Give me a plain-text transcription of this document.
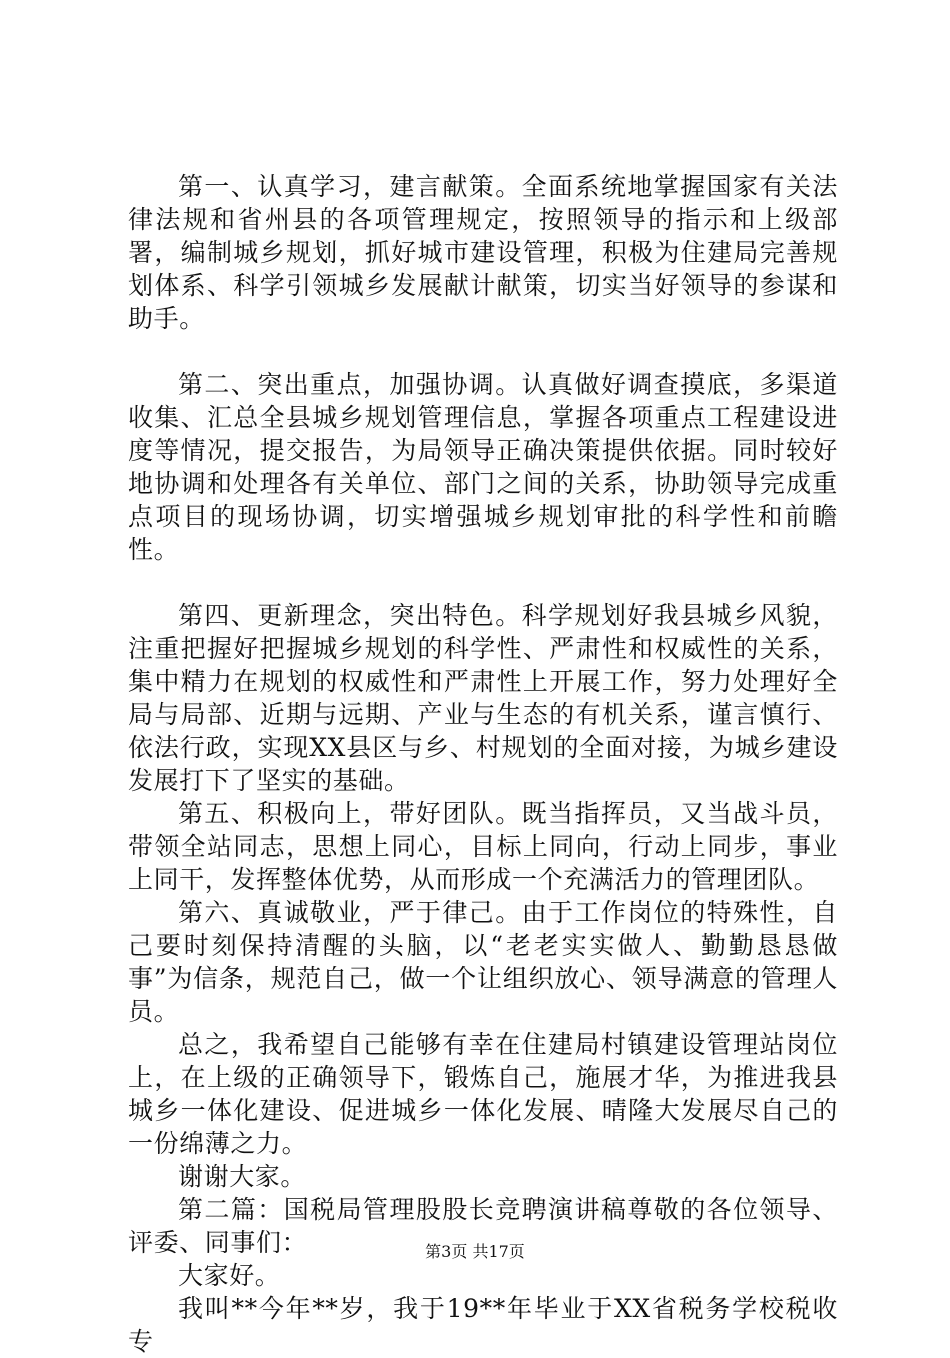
第一、认真学习，建言献策。全面系统地掌握国家有关法律法规和省州县的各项管理规定，按照领导的指示和上级部署，编制城乡规划，抓好城市建设管理，积极为住建局完善规划体系、科学引领城乡发展献计献策，切实当好领导的参谋和助手。

第二、突出重点，加强协调。认真做好调查摸底，多渠道收集、汇总全县城乡规划管理信息，掌握各项重点工程建设进度等情况，提交报告，为局领导正确决策提供依据。同时较好地协调和处理各有关单位、部门之间的关系，协助领导完成重点项目的现场协调，切实增强城乡规划审批的科学性和前瞻性。

第四、更新理念，突出特色。科学规划好我县城乡风貌，注重把握好把握城乡规划的科学性、严肃性和权威性的关系，集中精力在规划的权威性和严肃性上开展工作，努力处理好全局与局部、近期与远期、产业与生态的有机关系，谨言慎行、依法行政，实现XX县区与乡、村规划的全面对接，为城乡建设发展打下了坚实的基础。

第五、积极向上，带好团队。既当指挥员，又当战斗员，带领全站同志，思想上同心，目标上同向，行动上同步，事业上同干，发挥整体优势，从而形成一个充满活力的管理团队。

第六、真诚敬业，严于律己。由于工作岗位的特殊性，自己要时刻保持清醒的头脑，以“老老实实做人、勤勤恳恳做事”为信条，规范自己，做一个让组织放心、领导满意的管理人员。

总之，我希望自己能够有幸在住建局村镇建设管理站岗位上，在上级的正确领导下，锻炼自己，施展才华，为推进我县城乡一体化建设、促进城乡一体化发展、晴隆大发展尽自己的一份绵薄之力。

谢谢大家。

第二篇：国税局管理股股长竞聘演讲稿尊敬的各位领导、评委、同事们：

大家好。

我叫**今年**岁，我于19**年毕业于XX省税务学校税收专

第3页 共17页
